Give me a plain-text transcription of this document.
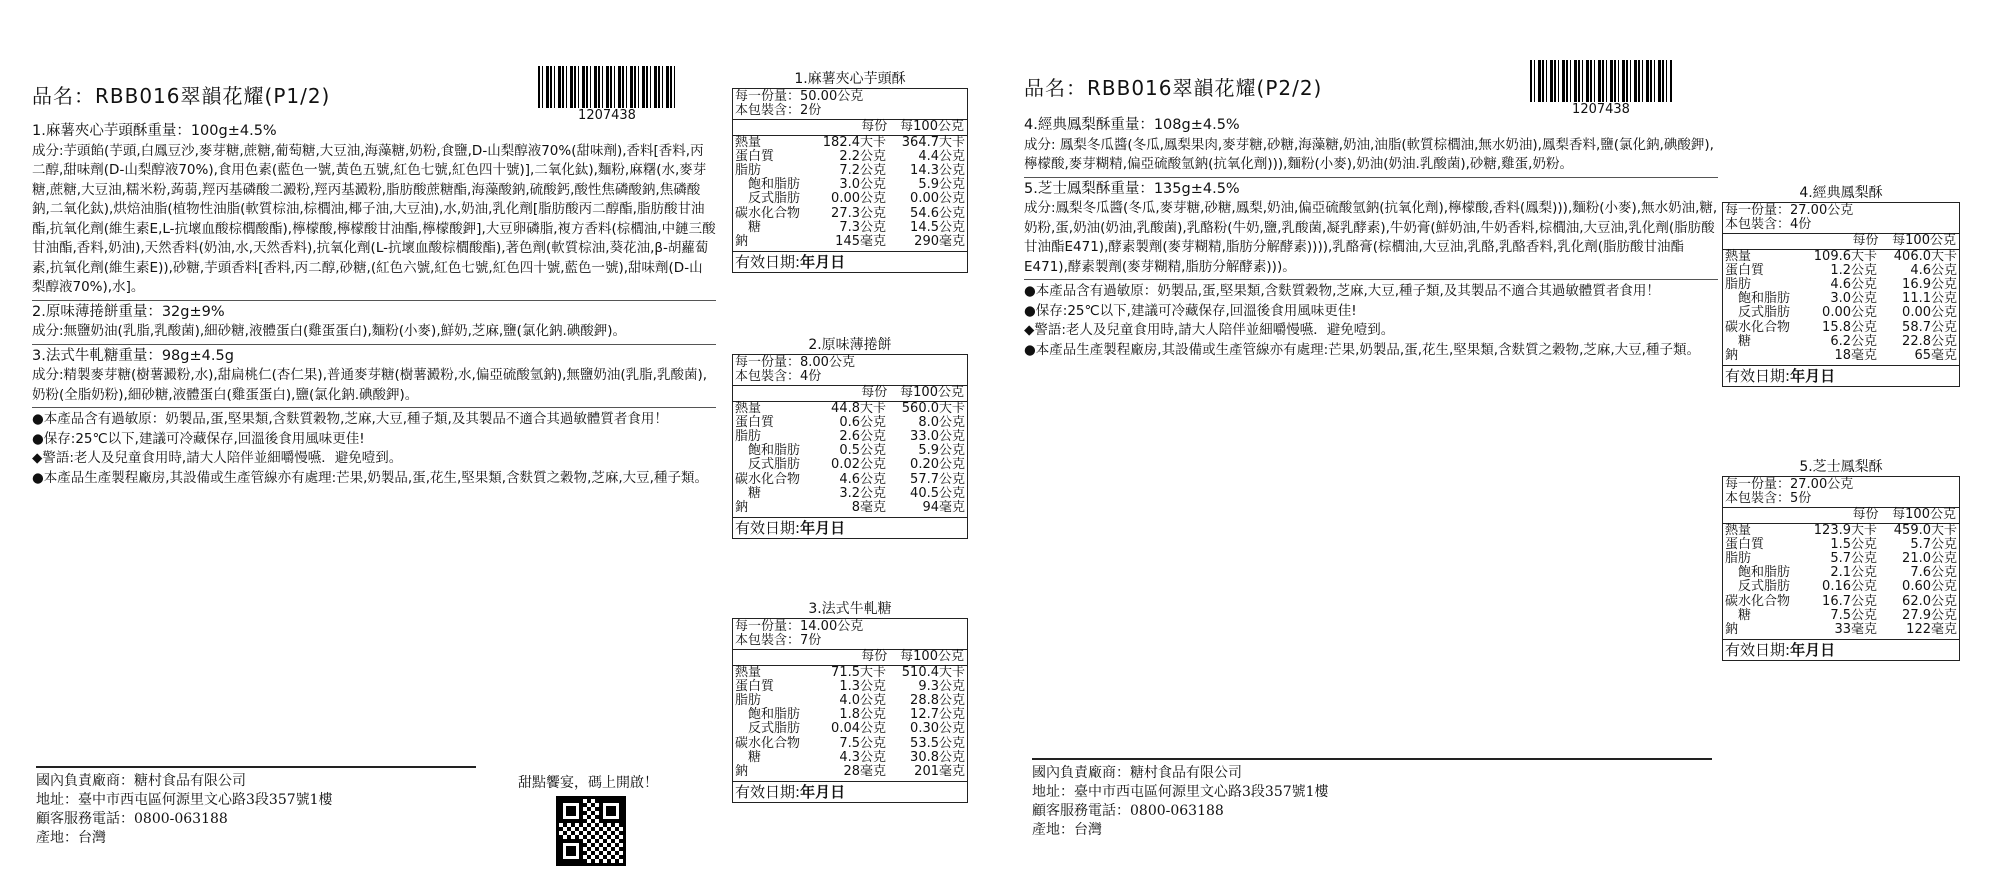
品名：RBB016翠韻花耀(P1/2)
1207438
1.麻薯夾心芋頭酥重量：100g±4.5%
成分:芋頭餡(芋頭,白鳳豆沙,麥芽糖,蔗糖,葡萄糖,大豆油,海藻糖,奶粉,食鹽,D-山梨醇液70%(甜味劑),香料[香料,丙二醇,甜味劑(D-山梨醇液70%),食用色素(藍色一號,黃色五號,紅色七號,紅色四十號)],二氧化鈦),麵粉,麻糬(水,麥芽糖,蔗糖,大豆油,糯米粉,蒟蒻,羥丙基磷酸二澱粉,羥丙基澱粉,脂肪酸蔗糖酯,海藻酸鈉,硫酸鈣,酸性焦磷酸鈉,焦磷酸鈉,二氧化鈦),烘焙油脂(植物性油脂(軟質棕油,棕櫚油,椰子油,大豆油),水,奶油,乳化劑[脂肪酸丙二醇酯,脂肪酸甘油酯,抗氧化劑(維生素E,L-抗壞血酸棕櫚酸酯),檸檬酸,檸檬酸甘油酯,檸檬酸鉀],大豆卵磷脂,複方香料(棕櫚油,中鏈三酸甘油酯,香料,奶油),天然香料(奶油,水,天然香料),抗氧化劑(L-抗壞血酸棕櫚酸酯),著色劑(軟質棕油,葵花油,β-胡蘿蔔素,抗氧化劑(維生素E)),砂糖,芋頭香料[香料,丙二醇,砂糖,(紅色六號,紅色七號,紅色四十號,藍色一號),甜味劑(D-山梨醇液70%),水]。
2.原味薄捲餅重量：32g±9%
成分:無鹽奶油(乳脂,乳酸菌),細砂糖,液體蛋白(雞蛋蛋白),麵粉(小麥),鮮奶,芝麻,鹽(氯化鈉.碘酸鉀)。
3.法式牛軋糖重量：98g±4.5g
成分:精製麥芽糖(樹薯澱粉,水),甜扁桃仁(杏仁果),普通麥芽糖(樹薯澱粉,水,偏亞硫酸氫鈉),無鹽奶油(乳脂,乳酸菌),奶粉(全脂奶粉),細砂糖,液體蛋白(雞蛋蛋白),鹽(氯化鈉.碘酸鉀)。

●本產品含有過敏原：奶製品,蛋,堅果類,含麩質穀物,芝麻,大豆,種子類,及其製品不適合其過敏體質者食用！

●保存:25℃以下,建議可冷藏保存,回溫後食用風味更佳!

◆警語:老人及兒童食用時,請大人陪伴並細嚼慢嚥．避免噎到。

●本產品生產製程廠房,其設備或生產管線亦有處理:芒果,奶製品,蛋,花生,堅果類,含麩質之穀物,芝麻,大豆,種子類。

國內負責廠商：糖村食品有限公司
地址：臺中市西屯區何源里文心路3段357號1樓
顧客服務電話：0800-063188
產地：台灣
甜點饗宴，碼上開啟！
1.麻薯夾心芋頭酥
每一份量：50.00公克
本包裝含：2份
每份 每100公克
熱量	182.4大卡	364.7大卡
蛋白質	2.2公克	4.4公克
脂肪	7.2公克	14.3公克
　飽和脂肪	3.0公克	5.9公克
　反式脂肪	0.00公克	0.00公克
碳水化合物	27.3公克	54.6公克
　糖	7.3公克	14.5公克
鈉	145毫克	290毫克
有效日期:年月日
2.原味薄捲餅
每一份量：8.00公克
本包裝含：4份
每份 每100公克
熱量	44.8大卡	560.0大卡
蛋白質	0.6公克	8.0公克
脂肪	2.6公克	33.0公克
　飽和脂肪	0.5公克	5.9公克
　反式脂肪	0.02公克	0.20公克
碳水化合物	4.6公克	57.7公克
　糖	3.2公克	40.5公克
鈉	8毫克	94毫克
有效日期:年月日
3.法式牛軋糖
每一份量：14.00公克
本包裝含：7份
每份 每100公克
熱量	71.5大卡	510.4大卡
蛋白質	1.3公克	9.3公克
脂肪	4.0公克	28.8公克
　飽和脂肪	1.8公克	12.7公克
　反式脂肪	0.04公克	0.30公克
碳水化合物	7.5公克	53.5公克
　糖	4.3公克	30.8公克
鈉	28毫克	201毫克
有效日期:年月日
品名：RBB016翠韻花耀(P2/2)
1207438
4.經典鳳梨酥重量：108g±4.5%
成分: 鳳梨冬瓜醬(冬瓜,鳳梨果肉,麥芽糖,砂糖,海藻糖,奶油,油脂(軟質棕櫚油,無水奶油),鳳梨香料,鹽(氯化鈉,碘酸鉀),檸檬酸,麥芽糊精,偏亞硫酸氫鈉(抗氧化劑))),麵粉(小麥),奶油(奶油.乳酸菌),砂糖,雞蛋,奶粉。
5.芝士鳳梨酥重量：135g±4.5%
成分:鳳梨冬瓜醬(冬瓜,麥芽糖,砂糖,鳳梨,奶油,偏亞硫酸氫鈉(抗氧化劑),檸檬酸,香料(鳳梨))),麵粉(小麥),無水奶油,糖,奶粉,蛋,奶油(奶油,乳酸菌),乳酪粉(牛奶,鹽,乳酸菌,凝乳酵素),牛奶膏(鮮奶油,牛奶香料,棕櫚油,大豆油,乳化劑(脂肪酸甘油酯E471),酵素製劑(麥芽糊精,脂肪分解酵素)))),乳酪膏(棕櫚油,大豆油,乳酪,乳酪香料,乳化劑(脂肪酸甘油酯E471),酵素製劑(麥芽糊精,脂肪分解酵素)))。

●本產品含有過敏原：奶製品,蛋,堅果類,含麩質穀物,芝麻,大豆,種子類,及其製品不適合其過敏體質者食用！

●保存:25℃以下,建議可冷藏保存,回溫後食用風味更佳!

◆警語:老人及兒童食用時,請大人陪伴並細嚼慢嚥．避免噎到。

●本產品生產製程廠房,其設備或生產管線亦有處理:芒果,奶製品,蛋,花生,堅果類,含麩質之穀物,芝麻,大豆,種子類。

國內負責廠商：糖村食品有限公司
地址：臺中市西屯區何源里文心路3段357號1樓
顧客服務電話：0800-063188
產地：台灣
4.經典鳳梨酥
每一份量：27.00公克
本包裝含：4份
每份	每100公克
熱量	109.6大卡	406.0大卡
蛋白質	1.2公克	4.6公克
脂肪	4.6公克	16.9公克
　飽和脂肪	3.0公克	11.1公克
　反式脂肪	0.00公克	0.00公克
碳水化合物	15.8公克	58.7公克
　糖	6.2公克	22.8公克
鈉	18毫克	65毫克
有效日期:年月日
5.芝士鳳梨酥
每一份量：27.00公克
本包裝含：5份
每份	每100公克
熱量	123.9大卡	459.0大卡
蛋白質	1.5公克	5.7公克
脂肪	5.7公克	21.0公克
　飽和脂肪	2.1公克	7.6公克
　反式脂肪	0.16公克	0.60公克
碳水化合物	16.7公克	62.0公克
　糖	7.5公克	27.9公克
鈉	33毫克	122毫克
有效日期:年月日
